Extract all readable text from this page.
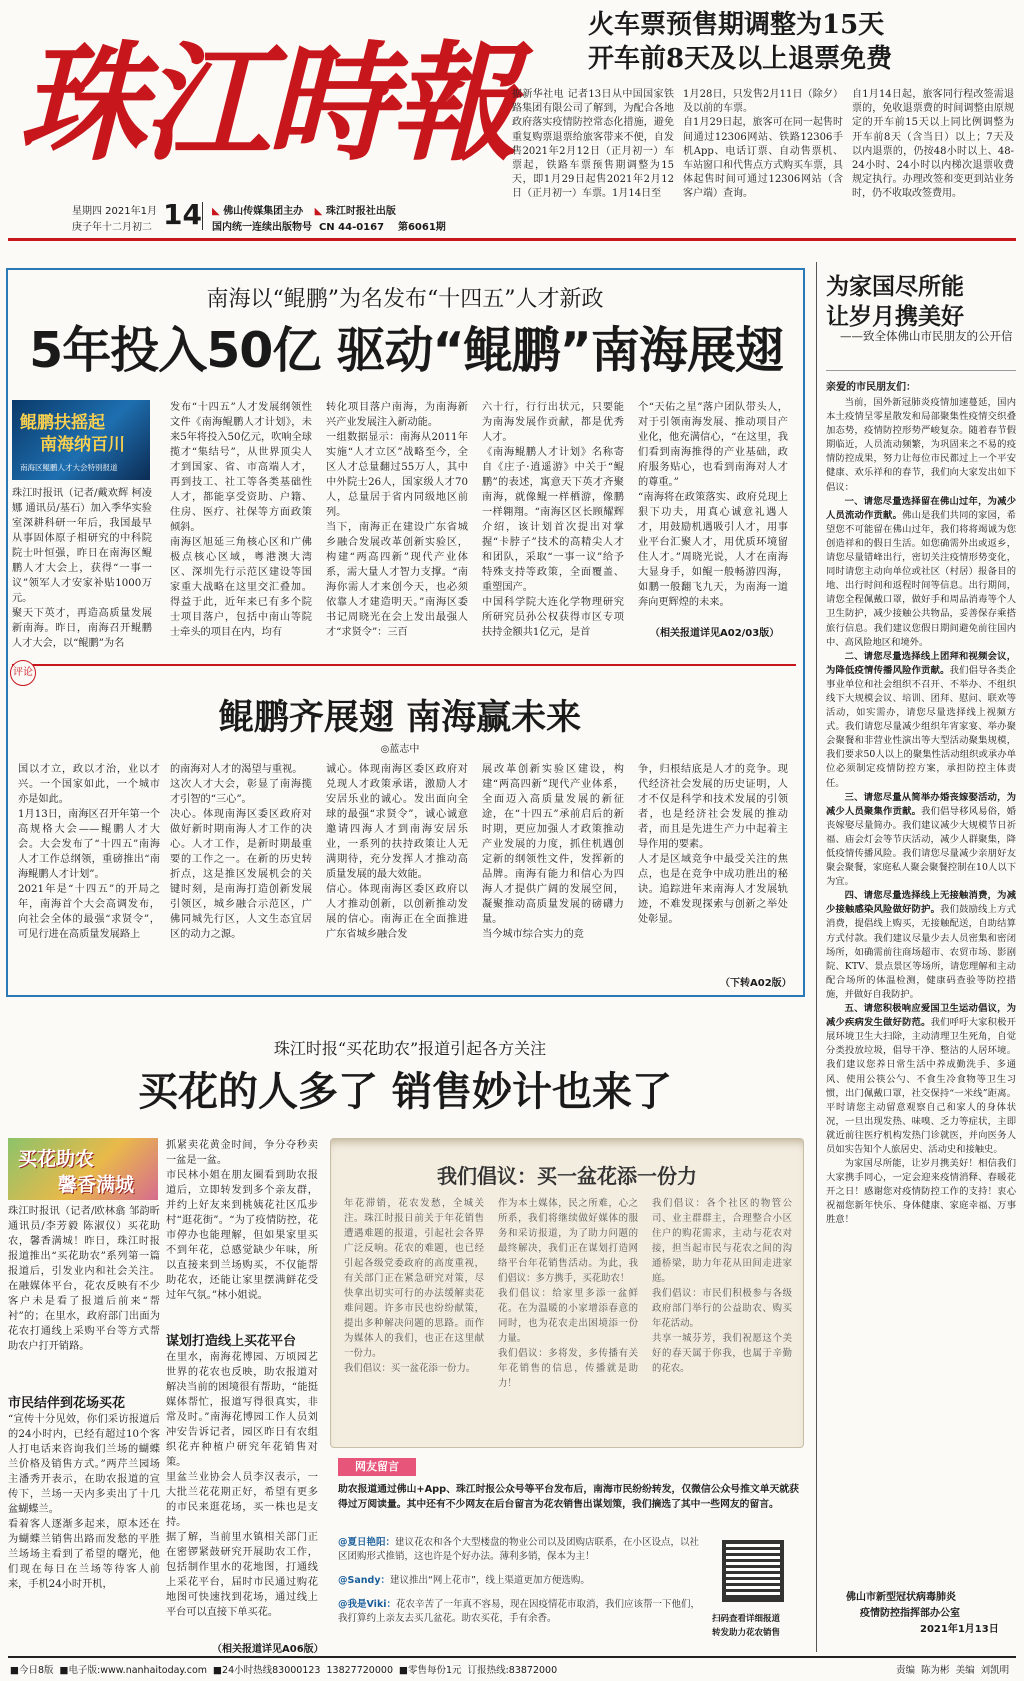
珠江時報
星期四 2021年1月
庚子年十二月初二 14 ◣ 佛山传媒集团主办 ◣ 珠江时报社出版
国内统一连续出版物号  CN 44-0167    第6061期
火车票预售期调整为15天
开车前8天及以上退票免费
据新华社电 记者13日从中国国家铁路集团有限公司了解到，为配合各地政府落实疫情防控常态化措施，避免重复购票退票给旅客带来不便，自发售2021年2月12日（正月初一）车票起，铁路车票预售期调整为15天，即1月29日起售2021年2月12日（正月初一）车票。1月14日至
1月28日，只发售2月11日（除夕）及以前的车票。
自1月29日起，旅客可在同一起售时间通过12306网站、铁路12306手机App、电话订票、自动售票机、车站窗口和代售点方式购买车票，具体起售时间可通过12306网站（含客户端）查询。
自1月14日起，旅客同行程改签需退票的，免收退票费的时间调整由原规定的开车前15天以上同比例调整为开车前8天（含当日）以上；7天及以内退票的，仍按48小时以上、48-24小时、24小时以内梯次退票收费规定执行。办理改签和变更到站业务时，仍不收取改签费用。
南海以“鲲鹏”为名发布“十四五”人才新政
5年投入50亿 驱动“鲲鹏”南海展翅
鲲鹏扶摇起
南海纳百川
南海区鲲鹏人才大会特别报道
珠江时报讯（记者/戴欢辉 柯凌娜 通讯员/基石）加入季华实验室深耕科研一年后，我国最早从事固体原子相研究的中科院院士叶恒强，昨日在南海区鲲鹏人才大会上，获得“一事一议”领军人才安家补贴1000万元。
聚天下英才，再造高质量发展新南海。昨日，南海召开鲲鹏人才大会，以“鲲鹏”为名
发布“十四五”人才发展纲领性文件《南海鲲鹏人才计划》，未来5年将投入50亿元，吹响全球揽才“集结号”，从世界顶尖人才到国家、省、市高端人才，再到技工、社工等各类基础性人才，都能享受资助、户籍、住房、医疗、社保等方面政策倾斜。
南海区旭延三角核心区和广佛极点核心区域，粤港澳大湾区、深圳先行示范区建设等国家重大战略在这里交汇叠加。得益于此，近年来已有多个院士项目落户，包括中南山等院士牵头的项目在内，均有
转化项目落户南海，为南海新兴产业发展注入新动能。
一组数据显示：南海从2011年实施“人才立区”战略至今，全区人才总量翻过55万人，其中中外院士26人，国家级人才70人，总量居于省内同级地区前列。
当下，南海正在建设广东省城乡融合发展改革创新实验区，构建“两高四新”现代产业体系，需大量人才智力支撑。“南海你需人才来创今天，也必须依靠人才建造明天。”南海区委书记周晓光在会上发出最强人才“求贤令”：三百
六十行，行行出状元，只要能为南海发展作贡献，都是优秀人才。
《南海鲲鹏人才计划》名称寄自《庄子·逍遥游》中关于“鲲鹏”的表述，寓意天下英才齐聚南海，就像鲲一样栖游，像鹏一样翱翔。“南海区区长顾耀辉介绍，该计划首次提出对掌握“卡脖子”技术的高精尖人才和团队，采取“一事一议”给予特殊支持等政策，全面覆盖、重塑国产。
中国科学院大连化学物理研究所研究员孙公权获得市区专项扶持金额共1亿元，是首
个“天佑之星”落户团队带头人，对于引领南海发展、推动项目产业化，他充满信心，“在这里，我们看到南海推得的产业基础，政府服务贴心，也看到南海对人才的尊重。”
“南海将在政策落实、政府兑现上狠下功夫，用真心诚意礼遇人才，用鼓励机遇吸引人才，用事业平台汇聚人才，用优质环境留住人才。”周晓光说，人才在南海大显身手，如鲲一般畅游四海，如鹏一般翻飞九天，为南海一道奔向更辉煌的未来。
（相关报道详见A02/03版）
评论
鲲鹏齐展翅 南海赢未来
◎蓝志中
国以才立，政以才治，业以才兴。一个国家如此，一个城市亦是如此。
1月13日，南海区召开年第一个高规格大会——鲲鹏人才大会。大会发布了“十四五”南海人才工作总纲领，重磅推出“南海鲲鹏人才计划”。
2021年是“十四五”的开局之年，南海首个大会高调发布，向社会全体的最强“求贤令”，可见行进在高质量发展路上
的南海对人才的渴望与重视。
这次人才大会，彰显了南海揽才引智的“三心”。
决心。体现南海区委区政府对做好新时期南海人才工作的决心。人才工作，是新时期最重要的工作之一。在新的历史转折点，这是推区发展机会的关键时刻，是南海打造创新发展引领区，城乡融合示范区，广佛同城先行区，人文生态宜居区的动力之源。
诚心。体现南海区委区政府对兑现人才政策承诺，激励人才安居乐业的诚心。发出面向全球的最强“求贤令”，诚心诚意邀请四海人才到南海安居乐业，一系列的扶持政策让人无满期待，充分发挥人才推动高质量发展的最大效能。
信心。体现南海区委区政府以人才推动创新，以创新推动发展的信心。南海正在全面推进广东省城乡融合发
展改革创新实验区建设，构建“两高四新”现代产业体系，全面迈入高质量发展的新征途，在“十四五”承前启后的新时期，更应加强人才政策推动产业发展的力度，抓住机遇创定新的纲领性文件，发挥新的品牌。南海有能力和信心为四海人才提供广阔的发展空间，凝聚推动高质量发展的磅礴力量。
当今城市综合实力的竞
争，归根结底是人才的竞争。现代经济社会发展的历史证明，人才不仅是科学和技术发展的引领者，也是经济社会发展的推动者，而且是先进生产力中起着主导作用的要素。
人才是区域竞争中最受关注的焦点，也是在竞争中成功胜出的秘诀。追踪进年来南海人才发展轨迹，不难发现探索与创新之举处处彰显。
（下转A02版）
珠江时报“买花助农”报道引起各方关注
买花的人多了 销售妙计也来了
买花助农
馨香满城
珠江时报讯（记者/欧林翕 邹韵昕 通讯员/李芳毅 陈淑仪）买花助农，馨香满城！昨日，珠江时报报道推出“买花助农”系列第一篇报道后，引发业内和社会关注。在融媒体平台，花农反映有不少客户未是看了报道后前来“帮衬”的；在里水，政府部门出面为花农打通线上采购平台等方式帮助农户打开销路。
市民结伴到花场买花
“宣传十分见效，你们采访报道后的24小时内，已经有超过10个客人打电话来咨询我们兰场的蝴蝶兰价格及销售方式。”两芹兰园场主潘秀开表示，在助农报道的宣传下，兰场一天内多卖出了十几盆蝴蝶兰。
看着客人逐渐多起来，原本还在为蝴蝶兰销售出路而发愁的平胜兰场场主看到了希望的曙光，他们现在每日在兰场等待客人前来，手机24小时开机，
抓紧卖花黄金时间，争分夺秒卖一盆是一盆。
市民林小姐在朋友圈看到助农报道后，立即转发到多个亲友群，并约上好友来到桃姨花社区瓜步村“逛花街”。“为了疫情防控，花市停办也能理解，但如果家里买不到年花，总感觉缺少年味，所以直接来到兰场购买，不仅能帮助花农，还能让家里摆满鲜花受过年气氛。”林小姐说。
谋划打造线上买花平台
在里水，南海花博园、万顷园艺世界的花农也反映，助农报道对解决当前的困境很有帮助，“能挺媒体帮忙，报道写得很真实，非常及时。”南海花博园工作人员刘冲安告诉记者，园区昨日有农组织花卉种植户研究年花销售对策。
里盆兰业协会人员李汉表示，一大批兰花花期正好，希望有更多的市民来逛花场，买一株也是支持。
据了解，当前里水镇相关部门正在密锣紧鼓研究开展助农工作，包括制作里水的花地图，打通线上采花平台，届时市民通过购花地图可快速找到花场，通过线上平台可以直接下单买花。
（相关报道详见A06版）
我们倡议：买一盆花添一份力
年花滞销，花农发愁，全城关注。珠江时报日前关于年花销售遭遇难题的报道，引起社会各界广泛反响。花农的难题，也已经引起各级党委政府的高度重视，有关部门正在紧急研究对策，尽快拿出切实可行的办法缓解卖花难问题。许多市民也纷纷献策，提出多种解决问题的思路。而作为媒体人的我们，也正在这里献一份力。
我们倡议：买一盆花添一份力。
作为本土媒体，民之所难，心之所系，我们将继续做好媒体的服务和采访报道，为了助力问题的最终解决，我们正在谋划打造网络平台年花销售活动。为此，我们倡议：多方携手，买花助农！
我们倡议：给家里多添一盆鲜花。在为温暖的小家增添春意的同时，也为花农走出困境添一份力量。
我们倡议：多将发，多传播有关年花销售的信息，传播就是助力！
我们倡议：各个社区的物管公司、业主群群主，合理整合小区住户的购花需求，主动与花农对接，担当起市民与花农之间的沟通桥梁，助力年花从田间走进家庭。
我们倡议：市民们积极参与各级政府部门举行的公益助农、购买年花活动。
共享一城芬芳，我们祝愿这个美好的春天属于你我，也属于辛勤的花农。
网友留言
助农报道通过佛山+App、珠江时报公众号等平台发布后，南海市民纷纷转发，仅微信公众号推文单天就获得过万阅读量。其中还有不少网友在后台留言为花农销售出谋划策，我们摘选了其中一些网友的留言。
@夏日艳阳：建议花农和各个大型楼盘的物业公司以及团购店联系，在小区设点，以社区团购形式推销，这也许是个好办法。薄利多销，保本为主！
@Sandy：建议推出“网上花市”，线上渠道更加方便选购。
@我是Viki：花农辛苦了一年真不容易，现在因疫情花市取消，我们应该帮一下他们，我打算约上亲友去买几盆花。助农买花，手有余香。	扫码查看详细报道
转发助力花农销售
为家国尽所能
让岁月携美好
——致全体佛山市民朋友的公开信
亲爱的市民朋友们：

当前，国外新冠肺炎疫情加速蔓延，国内本土疫情呈零星散发和局部聚集性疫情交织叠加态势，疫情防控形势严峻复杂。随着春节假期临近，人员流动频繁，为巩固来之不易的疫情防控成果，努力让每位市民都过上一个平安健康、欢乐祥和的春节，我们向大家发出如下倡议：

一、请您尽量选择留在佛山过年，为减少人员流动作贡献。佛山是我们共同的家园，希望您不可能留在佛山过年，我们将将竭诚为您创造祥和的假日生活。如您确需外出或返乡，请您尽量错峰出行，密切关注疫情形势变化，同时请您主动向单位或社区（村居）报备目的地、出行时间和返程时间等信息。出行期间，请您全程佩戴口罩，做好手和周品消毒等个人卫生防护，减少接触公共物品，妥善保存乘搭旅行信息。我们建议您假日期间避免前往国内中、高风险地区和境外。

二、请您尽量选择线上团拜和视频会议，为降低疫情传播风险作贡献。我们倡导各类企事业单位和社会组织不召开、不举办、不组织线下大规模会议、培训、团拜、慰问、联欢等活动，如实需办，请您尽量选择线上视频方式。我们请您尽量减少组织年宵家宴、举办聚会聚餐和非营业性演出等大型活动聚集规模，我们要求50人以上的聚集性活动组织或承办单位必须制定疫情防控方案，承担防控主体责任。

三、请您尽量从简举办婚丧嫁娶活动，为减少人员聚集作贡献。我们倡导移风易俗，婚丧嫁娶尽量简办。我们建议减少大规模节日祈福、庙会灯会等节庆活动，减少人群聚集，降低疫情传播风险。我们请您尽量减少亲朋好友聚会聚餐，家庭私人聚会聚餐控制在10人以下为宜。

四、请您尽量选择线上无接触消费，为减少接触感染风险做好防护。我们鼓励线上方式消费，提倡线上购买，无接触配送，自助结算方式付款。我们建议尽量少去人员密集和密闭场所，如确需前往商场超市、农贸市场、影剧院、KTV、景点景区等场所，请您理解和主动配合场所的体温检测，健康码查验等防控措施，并做好自我防护。

五、请您积极响应爱国卫生运动倡议，为减少疾病发生做好防范。我们呼吁大家积极开展环境卫生大扫除，主动清理卫生死角，自觉分类投放垃圾，倡导干净、整洁的人居环境。我们建议您养日常生活中养成勤洗手、多通风、使用公筷公勺、不食生冷食物等卫生习惯，出门佩戴口罩，社交保持“一米线”距离。平时请您主动留意观察自己和家人的身体状况，一旦出现发热、味嗅、乏力等症状，主即就近前往医疗机构发热门诊就医，并向医务人员如实告知个人旅居史、活动史和接触史。

为家国尽所能，让岁月携美好！相信我们大家携手同心，一定会迎来疫情消释、春暖花开之日！感谢您对疫情防控工作的支持！衷心祝福您新年快乐、身体健康、家庭幸福、万事胜意！

佛山市新型冠状病毒肺炎
疫情防控指挥部办公室
2021年1月13日
■今日8版  ■电子版:www.nanhaitoday.com  ■24小时热线83000123  13827720000  ■零售每份1元  订报热线:83872000	责编  陈为彬  美编  刘凯明
